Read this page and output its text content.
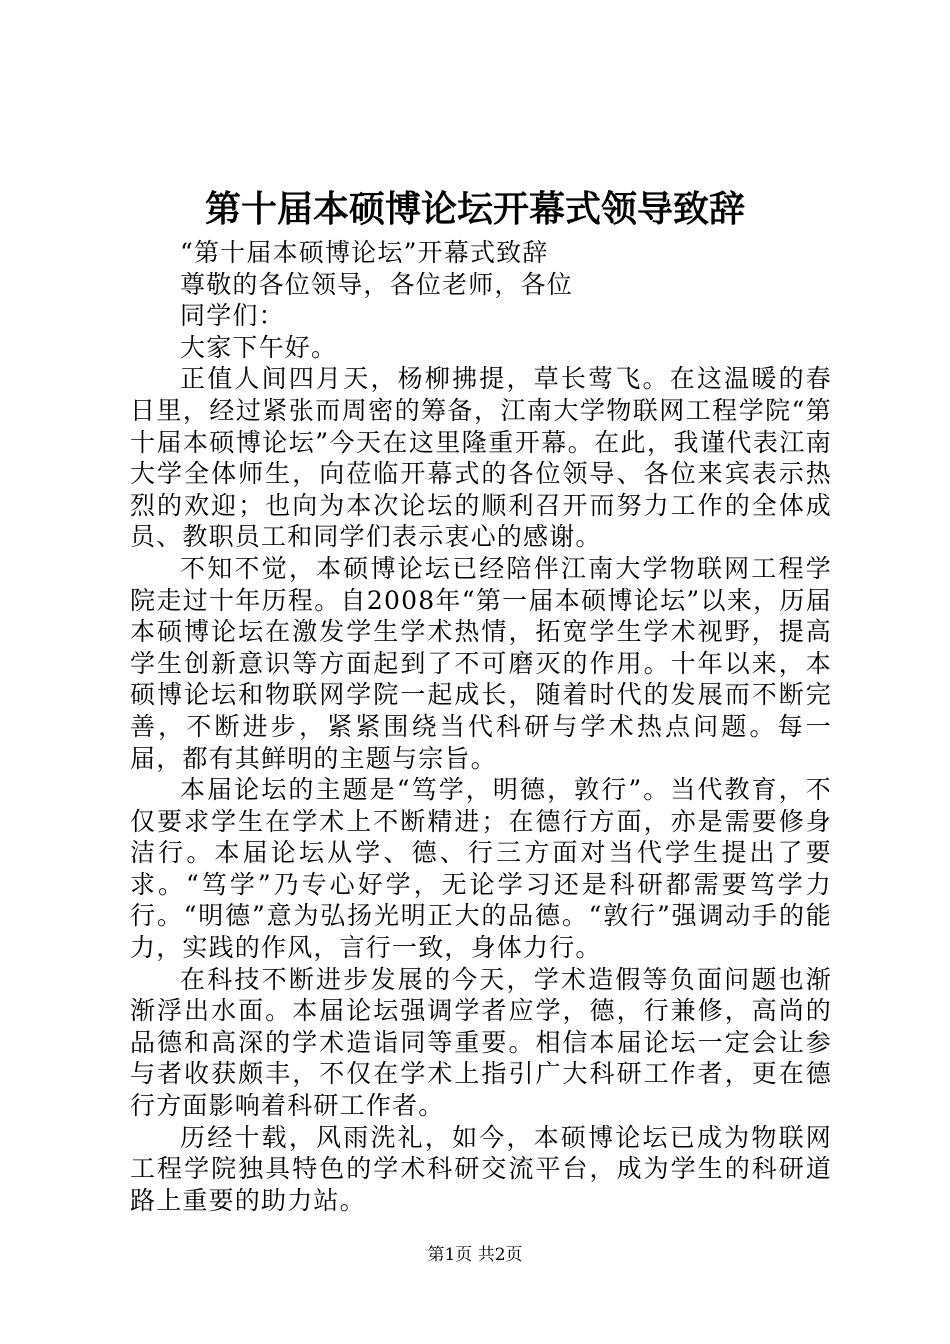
第十届本硕博论坛开幕式领导致辞
“第十届本硕博论坛”开幕式致辞
尊敬的各位领导，各位老师，各位
同学们：
大家下午好。

正值人间四月天，杨柳拂提，草长莺飞。在这温暖的春日里，经过紧张而周密的筹备，江南大学物联网工程学院“第十届本硕博论坛”今天在这里隆重开幕。在此，我谨代表江南大学全体师生，向莅临开幕式的各位领导、各位来宾表示热烈的欢迎；也向为本次论坛的顺利召开而努力工作的全体成员、教职员工和同学们表示衷心的感谢。

不知不觉，本硕博论坛已经陪伴江南大学物联网工程学院走过十年历程。自2008年“第一届本硕博论坛”以来，历届本硕博论坛在激发学生学术热情，拓宽学生学术视野，提高学生创新意识等方面起到了不可磨灭的作用。十年以来，本硕博论坛和物联网学院一起成长，随着时代的发展而不断完善，不断进步，紧紧围绕当代科研与学术热点问题。每一届，都有其鲜明的主题与宗旨。

本届论坛的主题是“笃学，明德，敦行”。当代教育，不仅要求学生在学术上不断精进；在德行方面，亦是需要修身洁行。本届论坛从学、德、行三方面对当代学生提出了要求。“笃学”乃专心好学，无论学习还是科研都需要笃学力行。“明德”意为弘扬光明正大的品德。“敦行”强调动手的能力，实践的作风，言行一致，身体力行。

在科技不断进步发展的今天，学术造假等负面问题也渐渐浮出水面。本届论坛强调学者应学，德，行兼修，高尚的品德和高深的学术造诣同等重要。相信本届论坛一定会让参与者收获颇丰，不仅在学术上指引广大科研工作者，更在德行方面影响着科研工作者。

历经十载，风雨洗礼，如今，本硕博论坛已成为物联网工程学院独具特色的学术科研交流平台，成为学生的科研道路上重要的助力站。

第1页 共2页
